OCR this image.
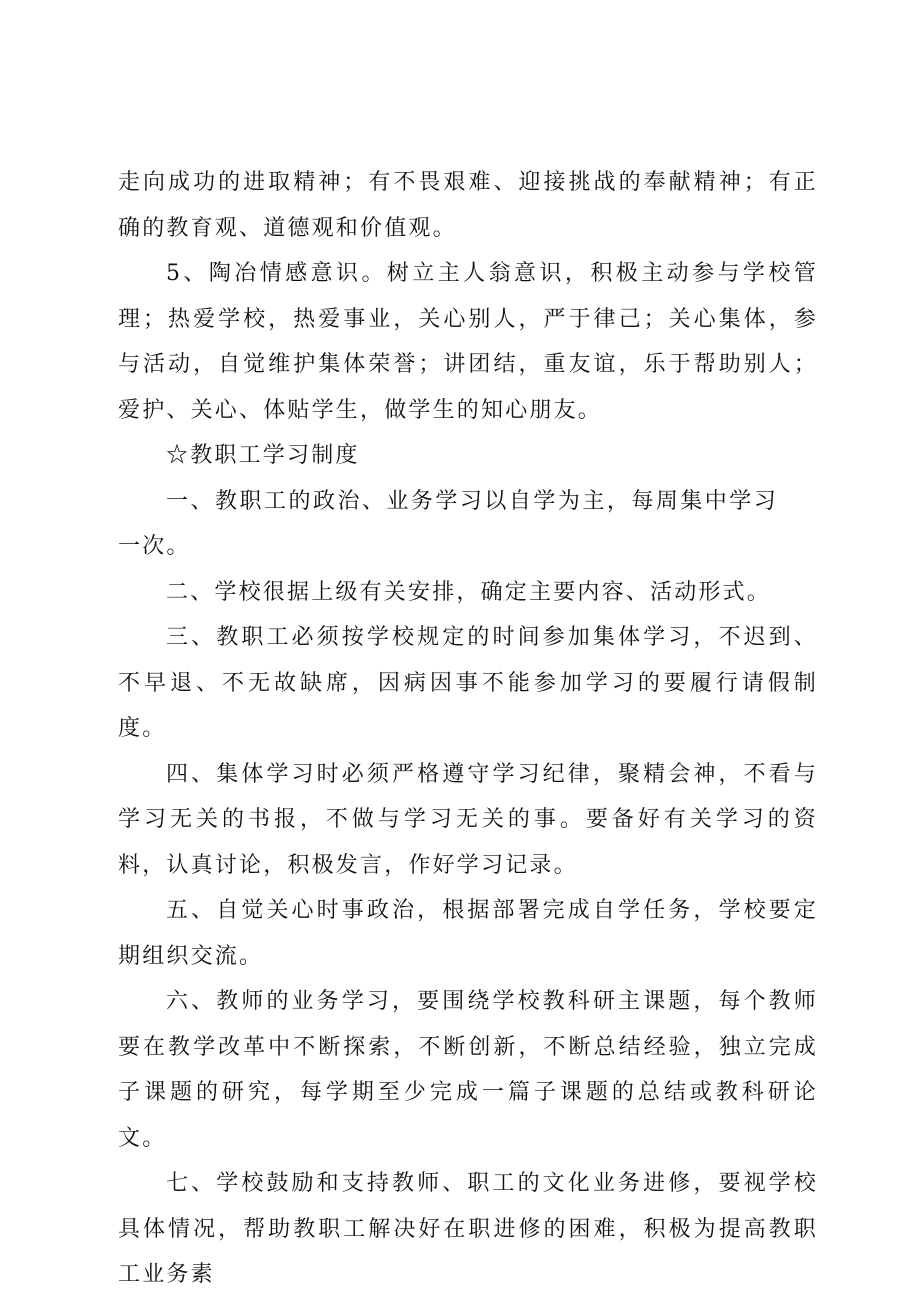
走向成功的进取精神；有不畏艰难、迎接挑战的奉献精神；有正确的教育观、道德观和价值观。

5、陶冶情感意识。树立主人翁意识，积极主动参与学校管理；热爱学校，热爱事业，关心别人，严于律己；关心集体，参与活动，自觉维护集体荣誉；讲团结，重友谊，乐于帮助别人；爱护、关心、体贴学生，做学生的知心朋友。

☆教职工学习制度

一、教职工的政治、业务学习以自学为主，每周集中学习一次。

二、学校很据上级有关安排，确定主要内容、活动形式。

三、教职工必须按学校规定的时间参加集体学习，不迟到、不早退、不无故缺席，因病因事不能参加学习的要履行请假制度。

四、集体学习时必须严格遵守学习纪律，聚精会神，不看与学习无关的书报，不做与学习无关的事。要备好有关学习的资料，认真讨论，积极发言，作好学习记录。

五、自觉关心时事政治，根据部署完成自学任务，学校要定期组织交流。

六、教师的业务学习，要围绕学校教科研主课题，每个教师要在教学改革中不断探索，不断创新，不断总结经验，独立完成子课题的研究，每学期至少完成一篇子课题的总结或教科研论文。

七、学校鼓励和支持教师、职工的文化业务进修，要视学校具体情况，帮助教职工解决好在职进修的困难，积极为提高教职工业务素
